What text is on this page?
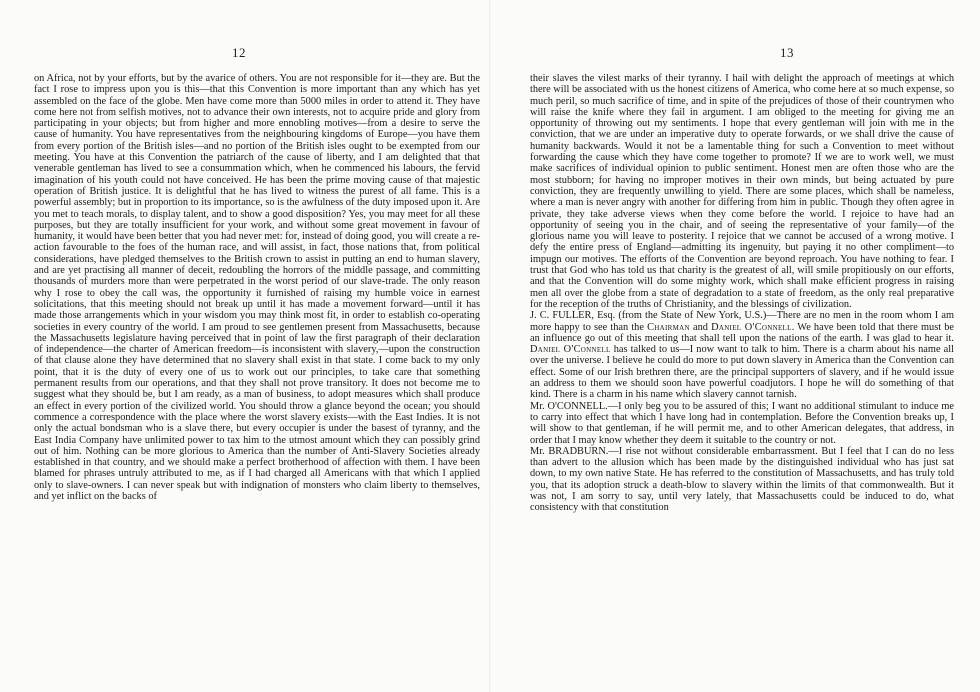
12

on Africa, not by your efforts, but by the avarice of others. You are not responsible for it—they are. But the fact I rose to impress upon you is this—that this Convention is more important than any which has yet assembled on the face of the globe. Men have come more than 5000 miles in order to attend it. They have come here not from selfish motives, not to advance their own interests, not to acquire pride and glory from participating in your objects; but from higher and more ennobling motives—from a desire to serve the cause of humanity. You have representatives from the neighbouring kingdoms of Europe—you have them from every portion of the British isles—and no portion of the British isles ought to be exempted from our meeting. You have at this Convention the patriarch of the cause of liberty, and I am delighted that that venerable gentleman has lived to see a consummation which, when he commenced his labours, the fervid imagination of his youth could not have conceived. He has been the prime moving cause of that majestic operation of British justice. It is delightful that he has lived to witness the purest of all fame. This is a powerful assembly; but in proportion to its importance, so is the awfulness of the duty imposed upon it. Are you met to teach morals, to display talent, and to show a good disposition? Yes, you may meet for all these purposes, but they are totally insufficient for your work, and without some great movement in favour of humanity, it would have been better that you had never met: for, instead of doing good, you will create a re-action favourable to the foes of the human race, and will assist, in fact, those nations that, from political considerations, have pledged themselves to the British crown to assist in putting an end to human slavery, and are yet practising all manner of deceit, redoubling the horrors of the middle passage, and committing thousands of murders more than were perpetrated in the worst period of our slave-trade. The only reason why I rose to obey the call was, the opportunity it furnished of raising my humble voice in earnest solicitations, that this meeting should not break up until it has made a movement forward—until it has made those arrangements which in your wisdom you may think most fit, in order to establish co-operating societies in every country of the world. I am proud to see gentlemen present from Massachusetts, because the Massachusetts legislature having perceived that in point of law the first paragraph of their declaration of independence—the charter of American freedom—is inconsistent with slavery,—upon the construction of that clause alone they have determined that no slavery shall exist in that state. I come back to my only point, that it is the duty of every one of us to work out our principles, to take care that something permanent results from our operations, and that they shall not prove transitory. It does not become me to suggest what they should be, but I am ready, as a man of business, to adopt measures which shall produce an effect in every portion of the civilized world. You should throw a glance beyond the ocean; you should commence a correspondence with the place where the worst slavery exists—with the East Indies. It is not only the actual bondsman who is a slave there, but every occupier is under the basest of tyranny, and the East India Company have unlimited power to tax him to the utmost amount which they can possibly grind out of him. Nothing can be more glorious to America than the number of Anti-Slavery Societies already established in that country, and we should make a perfect brotherhood of affection with them. I have been blamed for phrases untruly attributed to me, as if I had charged all Americans with that which I applied only to slave-owners. I can never speak but with indignation of monsters who claim liberty to themselves, and yet inflict on the backs of

13

their slaves the vilest marks of their tyranny. I hail with delight the approach of meetings at which there will be associated with us the honest citizens of America, who come here at so much expense, so much peril, so much sacrifice of time, and in spite of the prejudices of those of their countrymen who will raise the knife where they fail in argument. I am obliged to the meeting for giving me an opportunity of throwing out my sentiments. I hope that every gentleman will join with me in the conviction, that we are under an imperative duty to operate forwards, or we shall drive the cause of humanity backwards. Would it not be a lamentable thing for such a Convention to meet without forwarding the cause which they have come together to promote? If we are to work well, we must make sacrifices of individual opinion to public sentiment. Honest men are often those who are the most stubborn; for having no improper motives in their own minds, but being actuated by pure conviction, they are frequently unwilling to yield. There are some places, which shall be nameless, where a man is never angry with another for differing from him in public. Though they often agree in private, they take adverse views when they come before the world. I rejoice to have had an opportunity of seeing you in the chair, and of seeing the representative of your family—of the glorious name you will leave to posterity. I rejoice that we cannot be accused of a wrong motive. I defy the entire press of England—admitting its ingenuity, but paying it no other compliment—to impugn our motives. The efforts of the Convention are beyond reproach. You have nothing to fear. I trust that God who has told us that charity is the greatest of all, will smile propitiously on our efforts, and that the Convention will do some mighty work, which shall make efficient progress in raising men all over the globe from a state of degradation to a state of freedom, as the only real preparative for the reception of the truths of Christianity, and the blessings of civilization.

J. C. FULLER, Esq. (from the State of New York, U.S.)—There are no men in the room whom I am more happy to see than the Chairman and Daniel O'Connell. We have been told that there must be an influence go out of this meeting that shall tell upon the nations of the earth. I was glad to hear it. Daniel O'Connell has talked to us—I now want to talk to him. There is a charm about his name all over the universe. I believe he could do more to put down slavery in America than the Convention can effect. Some of our Irish brethren there, are the principal supporters of slavery, and if he would issue an address to them we should soon have powerful coadjutors. I hope he will do something of that kind. There is a charm in his name which slavery cannot tarnish.

Mr. O'CONNELL.—I only beg you to be assured of this; I want no additional stimulant to induce me to carry into effect that which I have long had in contemplation. Before the Convention breaks up, I will show to that gentleman, if he will permit me, and to other American delegates, that address, in order that I may know whether they deem it suitable to the country or not.

Mr. BRADBURN.—I rise not without considerable embarrassment. But I feel that I can do no less than advert to the allusion which has been made by the distinguished individual who has just sat down, to my own native State. He has referred to the constitution of Massachusetts, and has truly told you, that its adoption struck a death-blow to slavery within the limits of that commonwealth. But it was not, I am sorry to say, until very lately, that Massachusetts could be induced to do, what consistency with that constitution
